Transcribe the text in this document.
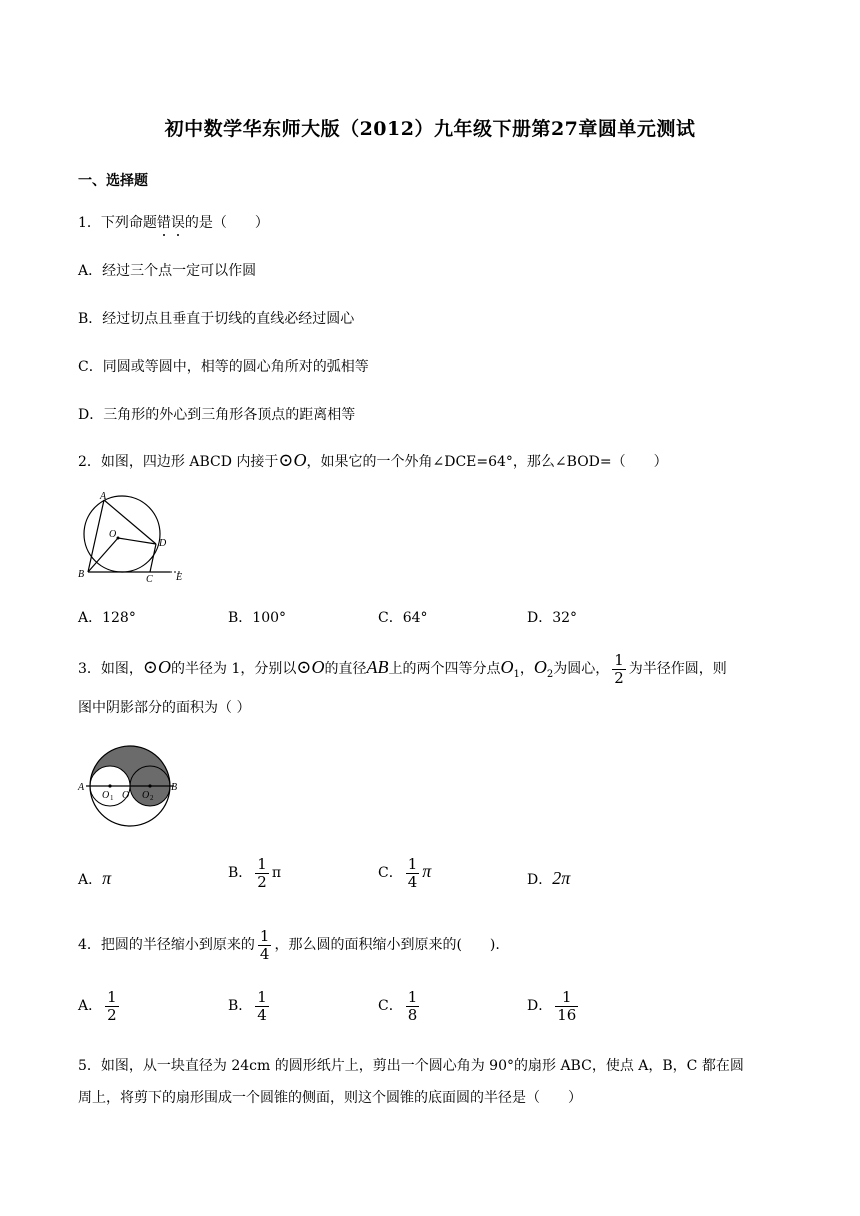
初中数学华东师大版（2012）九年级下册第27章圆单元测试
一、选择题
1．下列命题错误的是（　　）
A．经过三个点一定可以作圆
B．经过切点且垂直于切线的直线必经过圆心
C．同圆或等圆中，相等的圆心角所对的弧相等
D．三角形的外心到三角形各顶点的距离相等
2．如图，四边形 ABCD 内接于⊙O，如果它的一个外角∠DCE=64°，那么∠BOD=（　　）
A
O
D
B	C E
A．128°	B．100°	C．64°	D．32°
3．如图，⊙O的半径为 1，分别以⊙O的直径AB上的两个四等分点$O_1$，$O_2$为圆心， $\frac{1}{2}$ 为半径作圆，则
图中阴影部分的面积为（ ）
A
O 1 O O 2
B
A．π	B． $\frac{1}{2}$ π	C． $\frac{1}{4}$ π	D．2π
4．把圆的半径缩小到原来的 $\frac{1}{4}$ ，那么圆的面积缩小到原来的(　　).
A． $\frac{1}{2}$	B． $\frac{1}{4}$	C． $\frac{1}{8}$	D． $\frac{1}{16}$
5．如图，从一块直径为 24cm 的圆形纸片上，剪出一个圆心角为 90°的扇形 ABC，使点 A，B，C 都在圆
周上，将剪下的扇形围成一个圆锥的侧面，则这个圆锥的底面圆的半径是（　　）
